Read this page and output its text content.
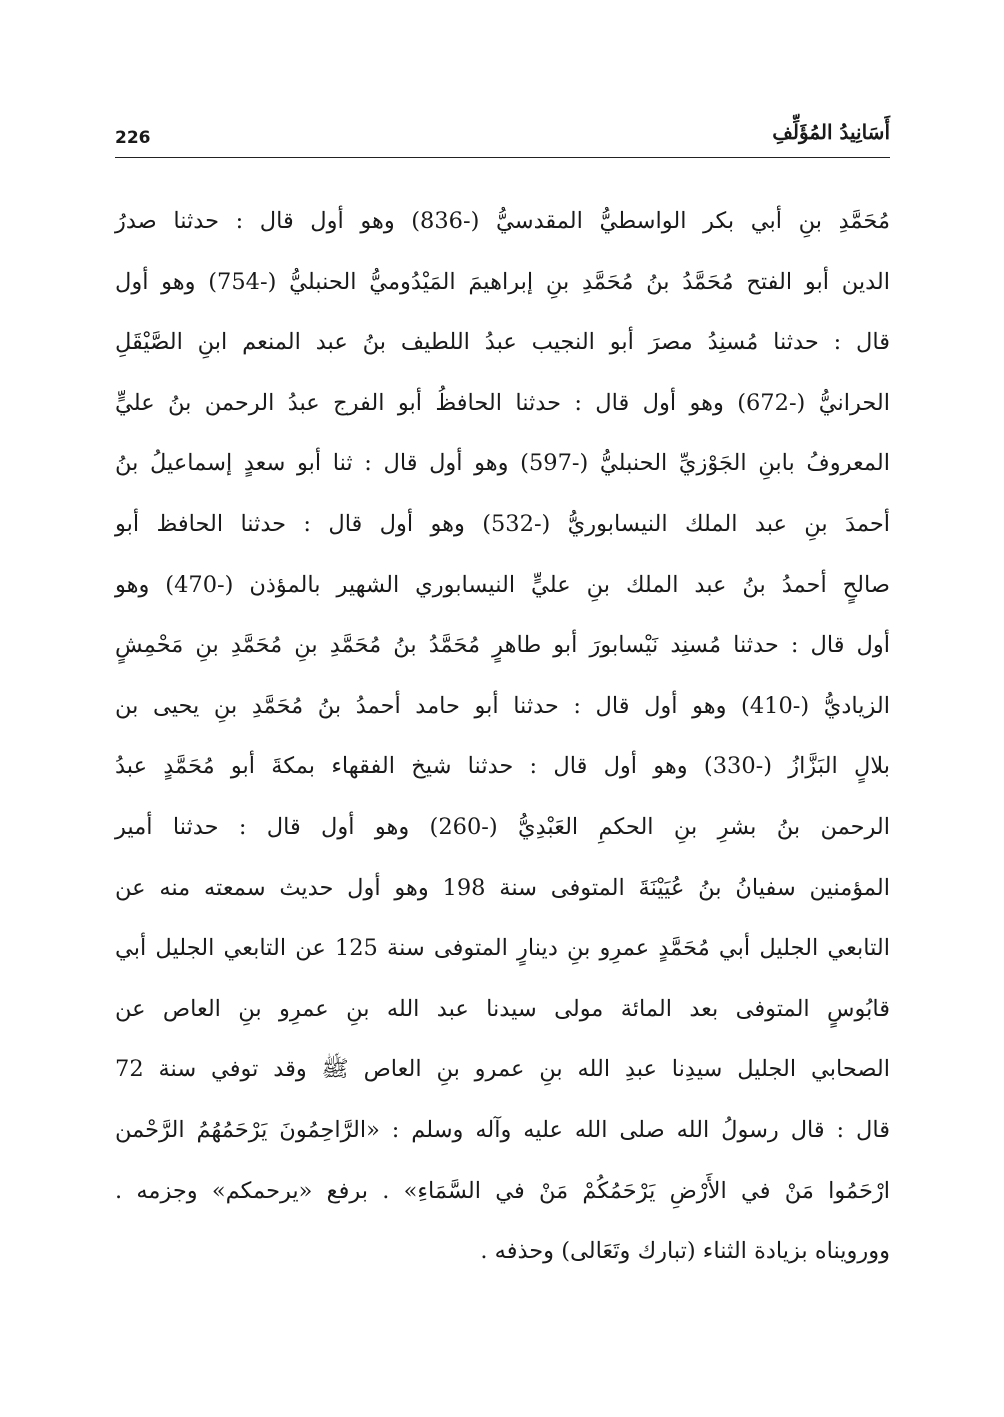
226	أَسَانِيدُ المُؤَلِّفِ
مُحَمَّدِ بنِ أبي بكر الواسطيُّ المقدسيُّ (-836) وهو أول قال : حدثنا صدرُ
الدين أبو الفتح مُحَمَّدُ بنُ مُحَمَّدِ بنِ إبراهيمَ المَيْدُوميُّ الحنبليُّ (-754) وهو أول
قال : حدثنا مُسنِدُ مصرَ أبو النجيب عبدُ اللطيف بنُ عبد المنعم ابنِ الصَّيْقَلِ
الحرانيُّ (-672) وهو أول قال : حدثنا الحافظُ أبو الفرج عبدُ الرحمن بنُ عليٍّ
المعروفُ بابنِ الجَوْزيِّ الحنبليُّ (-597) وهو أول قال : ثنا أبو سعدٍ إسماعيلُ بنُ
أحمدَ بنِ عبد الملك النيسابوريُّ (-532) وهو أول قال : حدثنا الحافظ أبو
صالحٍ أحمدُ بنُ عبد الملك بنِ عليٍّ النيسابوري الشهير بالمؤذن (-470) وهو
أول قال : حدثنا مُسنِد نَيْسابورَ أبو طاهرٍ مُحَمَّدُ بنُ مُحَمَّدِ بنِ مُحَمَّدِ بنِ مَحْمِشٍ
الزياديُّ (-410) وهو أول قال : حدثنا أبو حامد أحمدُ بنُ مُحَمَّدِ بنِ يحيى بن
بلالٍ البَزَّازُ (-330) وهو أول قال : حدثنا شيخ الفقهاء بمكةَ أبو مُحَمَّدٍ عبدُ
الرحمن بنُ بشرِ بنِ الحكمِ العَبْدِيُّ (-260) وهو أول قال : حدثنا أمير
المؤمنين سفيانُ بنُ عُيَيْنَةَ المتوفى سنة 198 وهو أول حديث سمعته منه عن
التابعي الجليل أبي مُحَمَّدٍ عمرِو بنِ دينارٍ المتوفى سنة 125 عن التابعي الجليل أبي
قابُوسٍ المتوفى بعد المائة مولى سيدنا عبد الله بنِ عمرِو بنِ العاص عن
الصحابي الجليل سيدِنا عبدِ الله بنِ عمرو بنِ العاص ﷺ وقد توفي سنة 72
قال : قال رسولُ الله صلى الله عليه وآله وسلم : «الرَّاحِمُونَ يَرْحَمُهُمُ الرَّحْمن
ارْحَمُوا مَنْ في الأَرْضِ يَرْحَمُكُمْ مَنْ في السَّمَاءِ» . برفع «يرحمكم» وجزمه .
وورويناه بزيادة الثناء (تبارك وتَعَالى) وحذفه .
